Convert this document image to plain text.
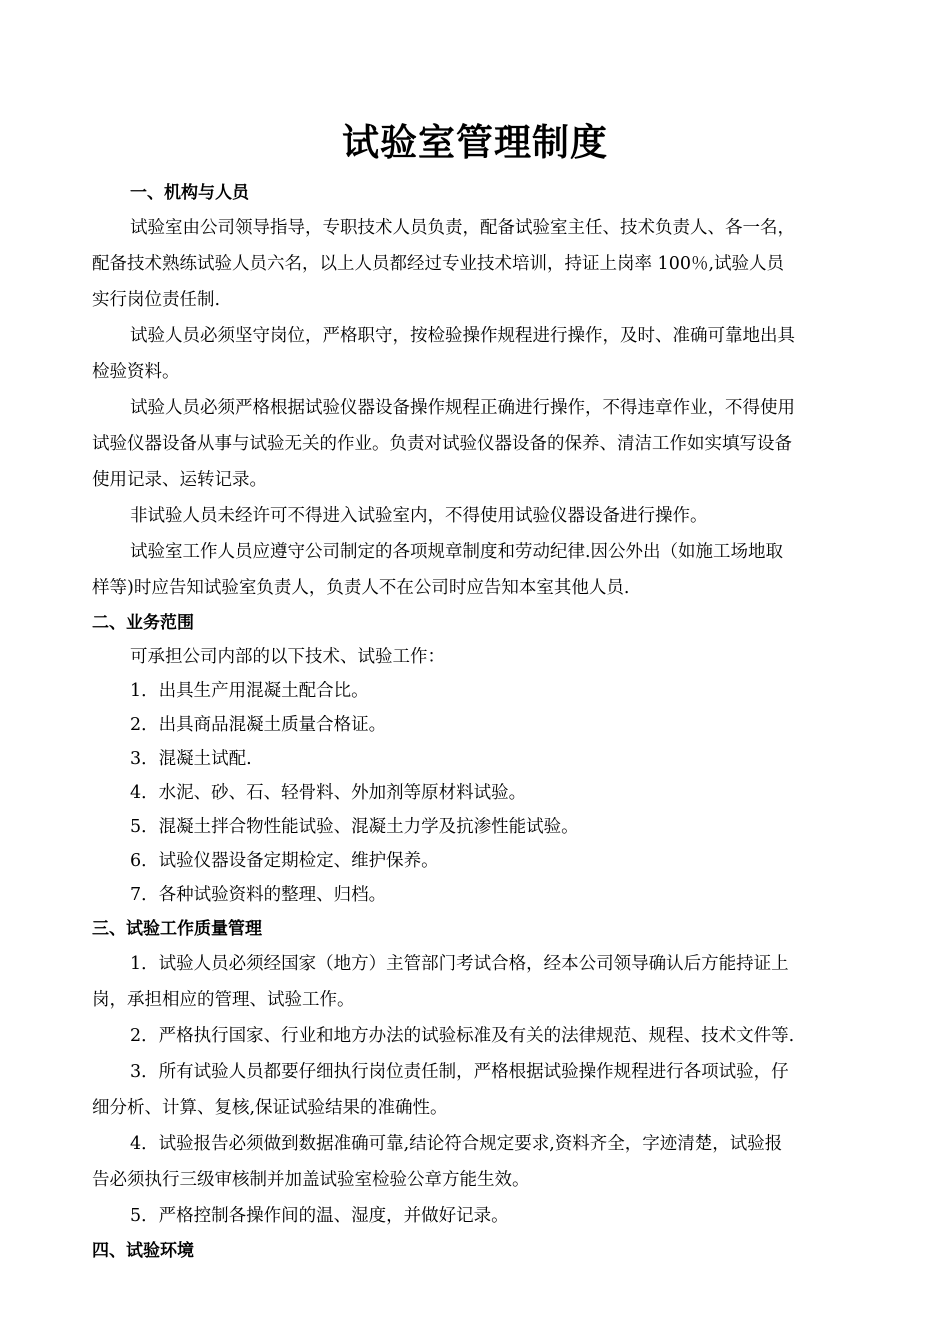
试验室管理制度
一、机构与人员
试验室由公司领导指导，专职技术人员负责，配备试验室主任、技术负责人、各一名，
配备技术熟练试验人员六名，以上人员都经过专业技术培训，持证上岗率 100％,试验人员
实行岗位责任制.
试验人员必须坚守岗位，严格职守，按检验操作规程进行操作，及时、准确可靠地出具
检验资料。
试验人员必须严格根据试验仪器设备操作规程正确进行操作，不得违章作业，不得使用
试验仪器设备从事与试验无关的作业。负责对试验仪器设备的保养、清洁工作如实填写设备
使用记录、运转记录。
非试验人员未经许可不得进入试验室内，不得使用试验仪器设备进行操作。
试验室工作人员应遵守公司制定的各项规章制度和劳动纪律.因公外出（如施工场地取
样等)时应告知试验室负责人，负责人不在公司时应告知本室其他人员.
二、业务范围
可承担公司内部的以下技术、试验工作：
1．出具生产用混凝土配合比。
2．出具商品混凝土质量合格证。
3．混凝土试配.
4．水泥、砂、石、轻骨料、外加剂等原材料试验。
5．混凝土拌合物性能试验、混凝土力学及抗渗性能试验。
6．试验仪器设备定期检定、维护保养。
7．各种试验资料的整理、归档。
三、试验工作质量管理
1．试验人员必须经国家（地方）主管部门考试合格，经本公司领导确认后方能持证上
岗，承担相应的管理、试验工作。
2．严格执行国家、行业和地方办法的试验标准及有关的法律规范、规程、技术文件等.
3．所有试验人员都要仔细执行岗位责任制，严格根据试验操作规程进行各项试验，仔
细分析、计算、复核,保证试验结果的准确性。
4．试验报告必须做到数据准确可靠,结论符合规定要求,资料齐全，字迹清楚，试验报
告必须执行三级审核制并加盖试验室检验公章方能生效。
5．严格控制各操作间的温、湿度，并做好记录。
四、试验环境
